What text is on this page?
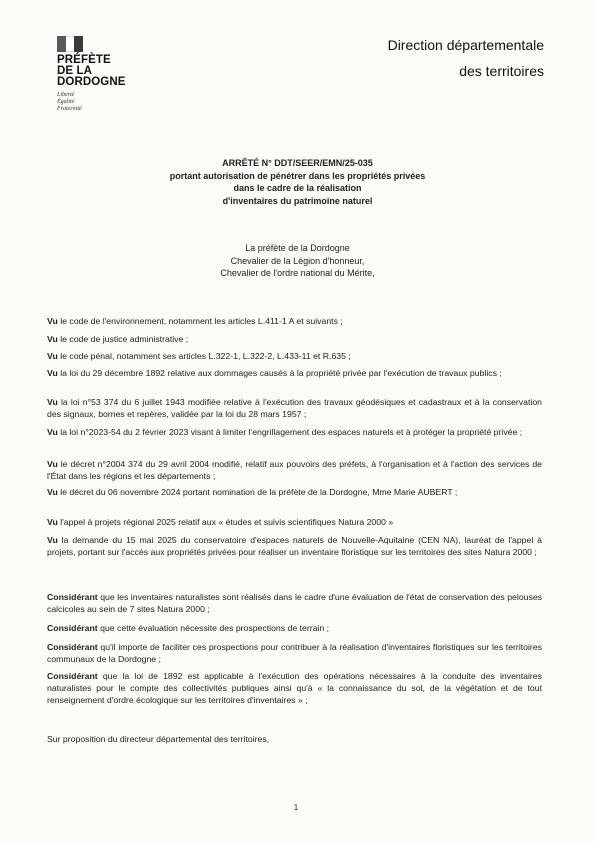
PRÉFÈTE
DE LA
DORDOGNE
Liberté
Égalité
Fraternité
Direction départementale
des territoires
ARRÊTÉ N° DDT/SEER/EMN/25-035
portant autorisation de pénétrer dans les propriétés privées
dans le cadre de la réalisation
d'inventaires du patrimoine naturel
La préfète de la Dordogne
Chevalier de la Légion d'honneur,
Chevalier de l'ordre national du Mérite,
Vu le code de l'environnement, notamment les articles L.411-1 A et suivants ;
Vu le code de justice administrative ;
Vu le code pénal, notamment ses articles L.322-1, L.322-2, L.433-11 et R.635 ;
Vu la loi du 29 décembre 1892 relative aux dommages causés à la propriété privée par l'exécution de travaux publics ;
Vu la loi n°53 374 du 6 juillet 1943 modifiée relative à l'exécution des travaux géodésiques et cadastraux et à la conservation des signaux, bornes et repères, validée par la loi du 28 mars 1957 ;
Vu la loi n°2023-54 du 2 février 2023 visant à limiter l'engrillagement des espaces naturels et à protéger la propriété privée ;
Vu le décret n°2004 374 du 29 avril 2004 modifié, relatif aux pouvoirs des préfets, à l'organisation et à l'action des services de l'État dans les régions et les départements ;
Vu le décret du 06 novembre 2024 portant nomination de la préfète de la Dordogne, Mme Marie AUBERT ;
Vu l'appel à projets régional 2025 relatif aux « études et suivis scientifiques Natura 2000 »
Vu la demande du 15 mai 2025 du conservatoire d'espaces naturels de Nouvelle-Aquitaine (CEN NA), lauréat de l'appel à projets, portant sur l'accès aux propriétés privées pour réaliser un inventaire floristique sur les territoires des sites Natura 2000 ;
Considérant que les inventaires naturalistes sont réalisés dans le cadre d'une évaluation de l'état de conservation des pelouses calcicoles au sein de 7 sites Natura 2000 ;
Considérant que cette évaluation nécessite des prospections de terrain ;
Considérant qu'il importe de faciliter ces prospections pour contribuer à la réalisation d'inventaires floristiques sur les territoires communaux de la Dordogne ;
Considérant que la loi de 1892 est applicable à l'exécution des opérations nécessaires à la conduite des inventaires naturalistes pour le compte des collectivités publiques ainsi qu'à « la connaissance du sol, de la végétation et de tout renseignement d'ordre écologique sur les territoires d'inventaires » ;
Sur proposition du directeur départemental des territoires,
1
